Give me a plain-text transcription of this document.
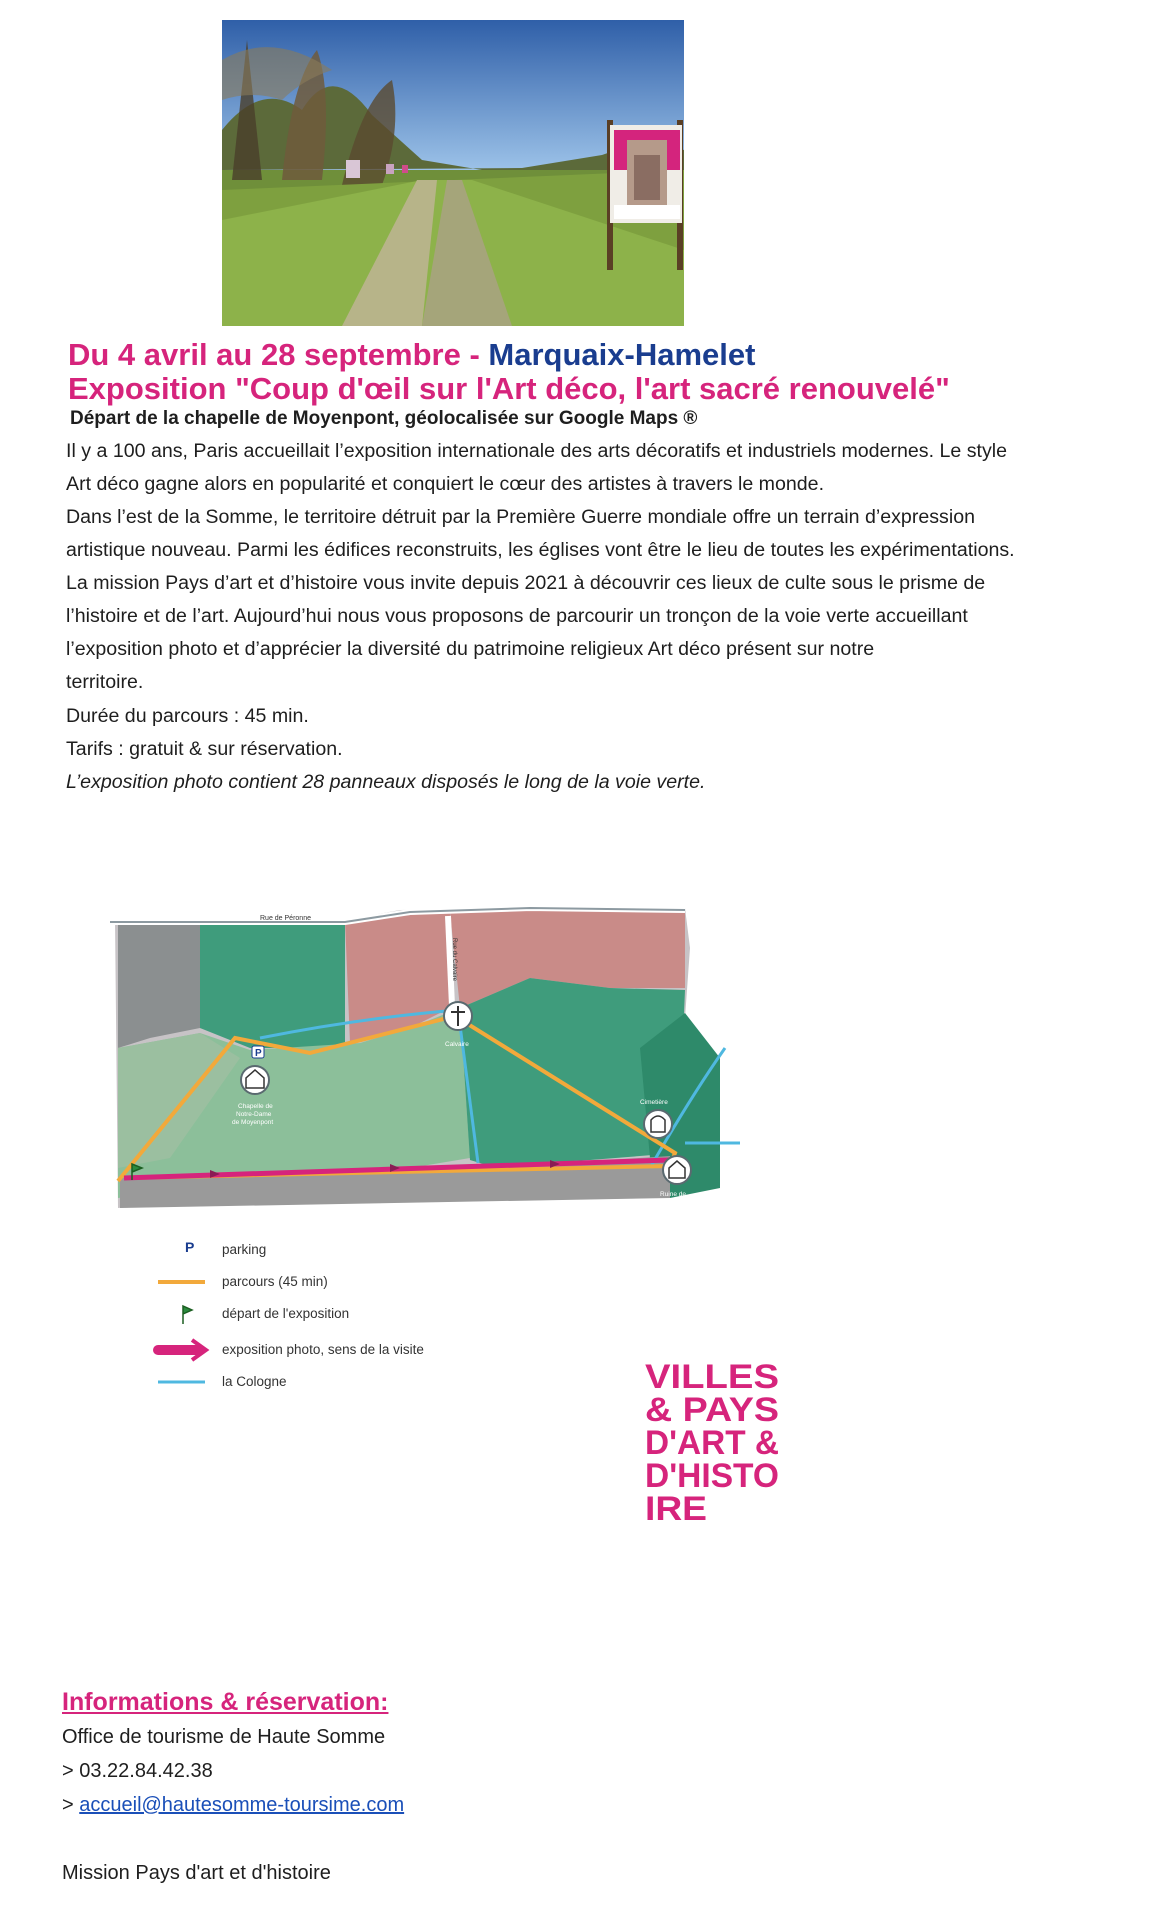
Du 4 avril au 28 septembre - Marquaix-Hamelet
Exposition "Coup d'œil sur l'Art déco, l'art sacré renouvelé"
Départ de la chapelle de Moyenpont, géolocalisée sur Google Maps ®
Il y a 100 ans, Paris accueillait l’exposition internationale des arts décoratifs et industriels modernes. Le style
Art déco gagne alors en popularité et conquiert le cœur des artistes à travers le monde.
Dans l’est de la Somme, le territoire détruit par la Première Guerre mondiale offre un terrain d’expression
artistique nouveau. Parmi les édifices reconstruits, les églises vont être le lieu de toutes les expérimentations.
La mission Pays d’art et d’histoire vous invite depuis 2021 à découvrir ces lieux de culte sous le prisme de
l’histoire et de l’art. Aujourd’hui nous vous proposons de parcourir un tronçon de la voie verte accueillant
l’exposition photo et d’apprécier la diversité du patrimoine religieux Art déco présent sur notre
territoire.
Durée du parcours : 45 min.
Tarifs : gratuit & sur réservation.
L’exposition photo contient 28 panneaux disposés le long de la voie verte.
Rue de Péronne
Rue du Calvaire
P
Chapelle de
Notre-Dame
de Moyenpont
Calvaire
Cimetière
Ruine de
la maison
du fossoyeur
P parking
parcours (45 min)
départ de l'exposition
exposition photo, sens de la visite
la Cologne	VILLES
& PAYS
D'ART &
D'HISTO
IRE
Informations & réservation:
Office de tourisme de Haute Somme
> 03.22.84.42.38
> accueil@hautesomme-toursime.com
Mission Pays d'art et d'histoire
